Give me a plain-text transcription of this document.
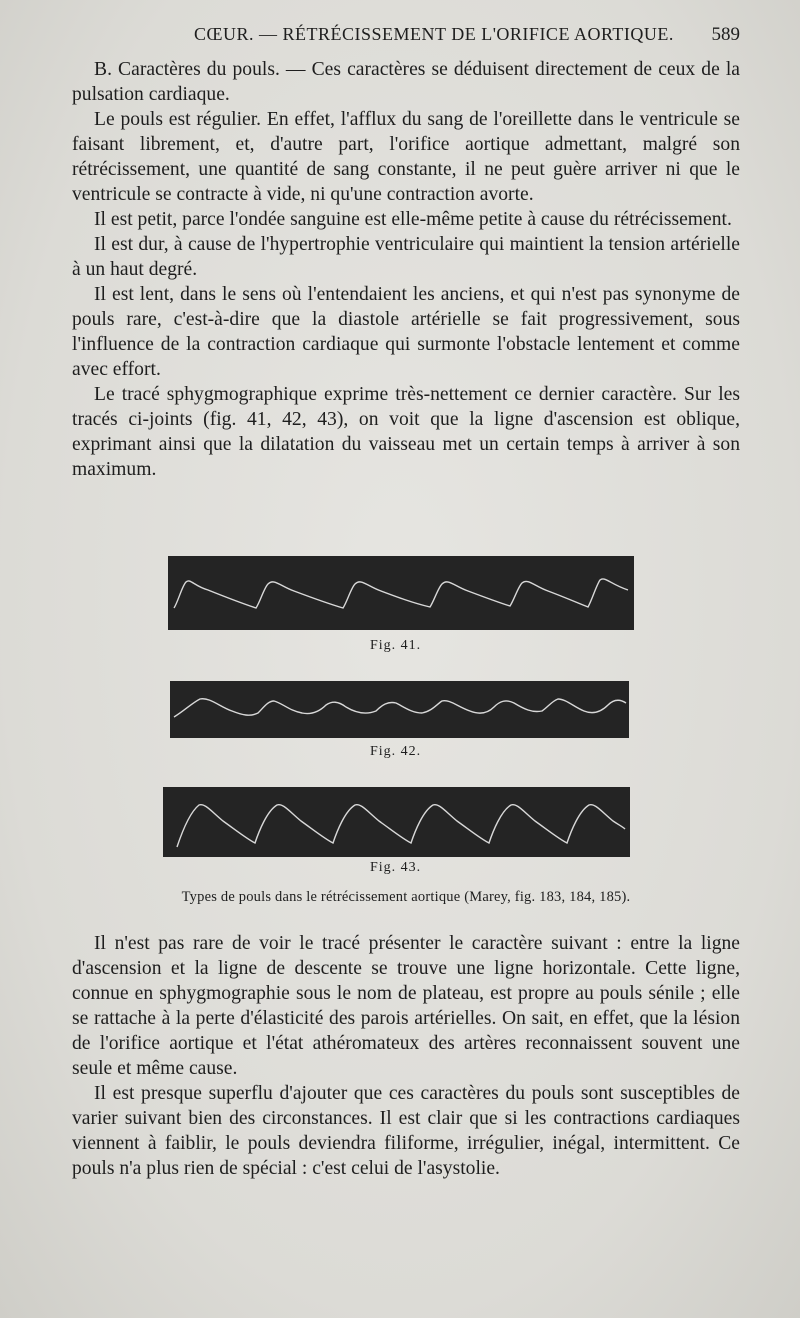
CŒUR. — RÉTRÉCISSEMENT DE L'ORIFICE AORTIQUE. 589

B. Caractères du pouls. — Ces caractères se déduisent directement de ceux de la pulsation cardiaque.

Le pouls est régulier. En effet, l'afflux du sang de l'oreillette dans le ventricule se faisant librement, et, d'autre part, l'orifice aortique admettant, malgré son rétrécissement, une quantité de sang constante, il ne peut guère arriver ni que le ventricule se contracte à vide, ni qu'une contraction avorte.

Il est petit, parce l'ondée sanguine est elle-même petite à cause du rétrécissement.

Il est dur, à cause de l'hypertrophie ventriculaire qui maintient la tension artérielle à un haut degré.

Il est lent, dans le sens où l'entendaient les anciens, et qui n'est pas synonyme de pouls rare, c'est-à-dire que la diastole artérielle se fait progressivement, sous l'influence de la contraction cardiaque qui surmonte l'obstacle lentement et comme avec effort.

Le tracé sphygmographique exprime très-nettement ce dernier caractère. Sur les tracés ci-joints (fig. 41, 42, 43), on voit que la ligne d'ascension est oblique, exprimant ainsi que la dilatation du vaisseau met un certain temps à arriver à son maximum.

Fig. 41.
Fig. 42.
Fig. 43.
Types de pouls dans le rétrécissement aortique (Marey, fig. 183, 184, 185).

Il n'est pas rare de voir le tracé présenter le caractère suivant : entre la ligne d'ascension et la ligne de descente se trouve une ligne horizontale. Cette ligne, connue en sphygmographie sous le nom de plateau, est propre au pouls sénile ; elle se rattache à la perte d'élasticité des parois artérielles. On sait, en effet, que la lésion de l'orifice aortique et l'état athéromateux des artères reconnaissent souvent une seule et même cause.

Il est presque superflu d'ajouter que ces caractères du pouls sont susceptibles de varier suivant bien des circonstances. Il est clair que si les contractions cardiaques viennent à faiblir, le pouls deviendra filiforme, irrégulier, inégal, intermittent. Ce pouls n'a plus rien de spécial : c'est celui de l'asystolie.
